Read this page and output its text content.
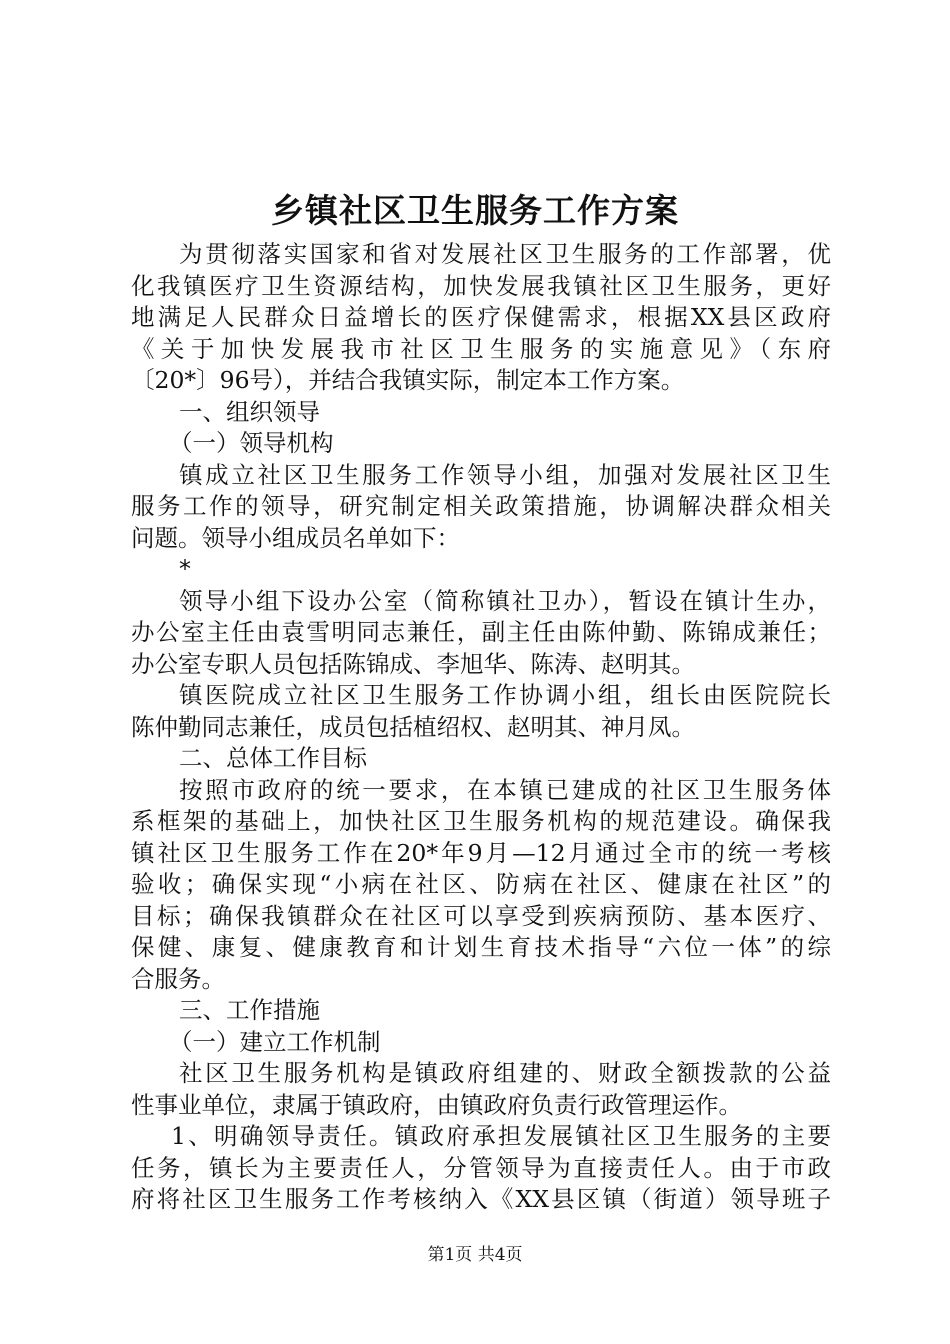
乡镇社区卫生服务工作方案
为贯彻落实国家和省对发展社区卫生服务的工作部署，优
化我镇医疗卫生资源结构，加快发展我镇社区卫生服务，更好
地满足人民群众日益增长的医疗保健需求，根据XX县区政府
《关于加快发展我市社区卫生服务的实施意见》（东府
〔20*〕96号），并结合我镇实际，制定本工作方案。
一、组织领导
（一）领导机构
镇成立社区卫生服务工作领导小组，加强对发展社区卫生
服务工作的领导，研究制定相关政策措施，协调解决群众相关
问题。领导小组成员名单如下：
*
领导小组下设办公室（简称镇社卫办），暂设在镇计生办，
办公室主任由袁雪明同志兼任，副主任由陈仲勤、陈锦成兼任；
办公室专职人员包括陈锦成、李旭华、陈涛、赵明其。
镇医院成立社区卫生服务工作协调小组，组长由医院院长
陈仲勤同志兼任，成员包括植绍权、赵明其、神月凤。
二、总体工作目标
按照市政府的统一要求，在本镇已建成的社区卫生服务体
系框架的基础上，加快社区卫生服务机构的规范建设。确保我
镇社区卫生服务工作在20*年9月—12月通过全市的统一考核
验收；确保实现“小病在社区、防病在社区、健康在社区”的
目标；确保我镇群众在社区可以享受到疾病预防、基本医疗、
保健、康复、健康教育和计划生育技术指导“六位一体”的综
合服务。
三、工作措施
（一）建立工作机制
社区卫生服务机构是镇政府组建的、财政全额拨款的公益
性事业单位，隶属于镇政府，由镇政府负责行政管理运作。
1、明确领导责任。镇政府承担发展镇社区卫生服务的主要
任务，镇长为主要责任人，分管领导为直接责任人。由于市政
府将社区卫生服务工作考核纳入《XX县区镇（街道）领导班子
第1页 共4页
